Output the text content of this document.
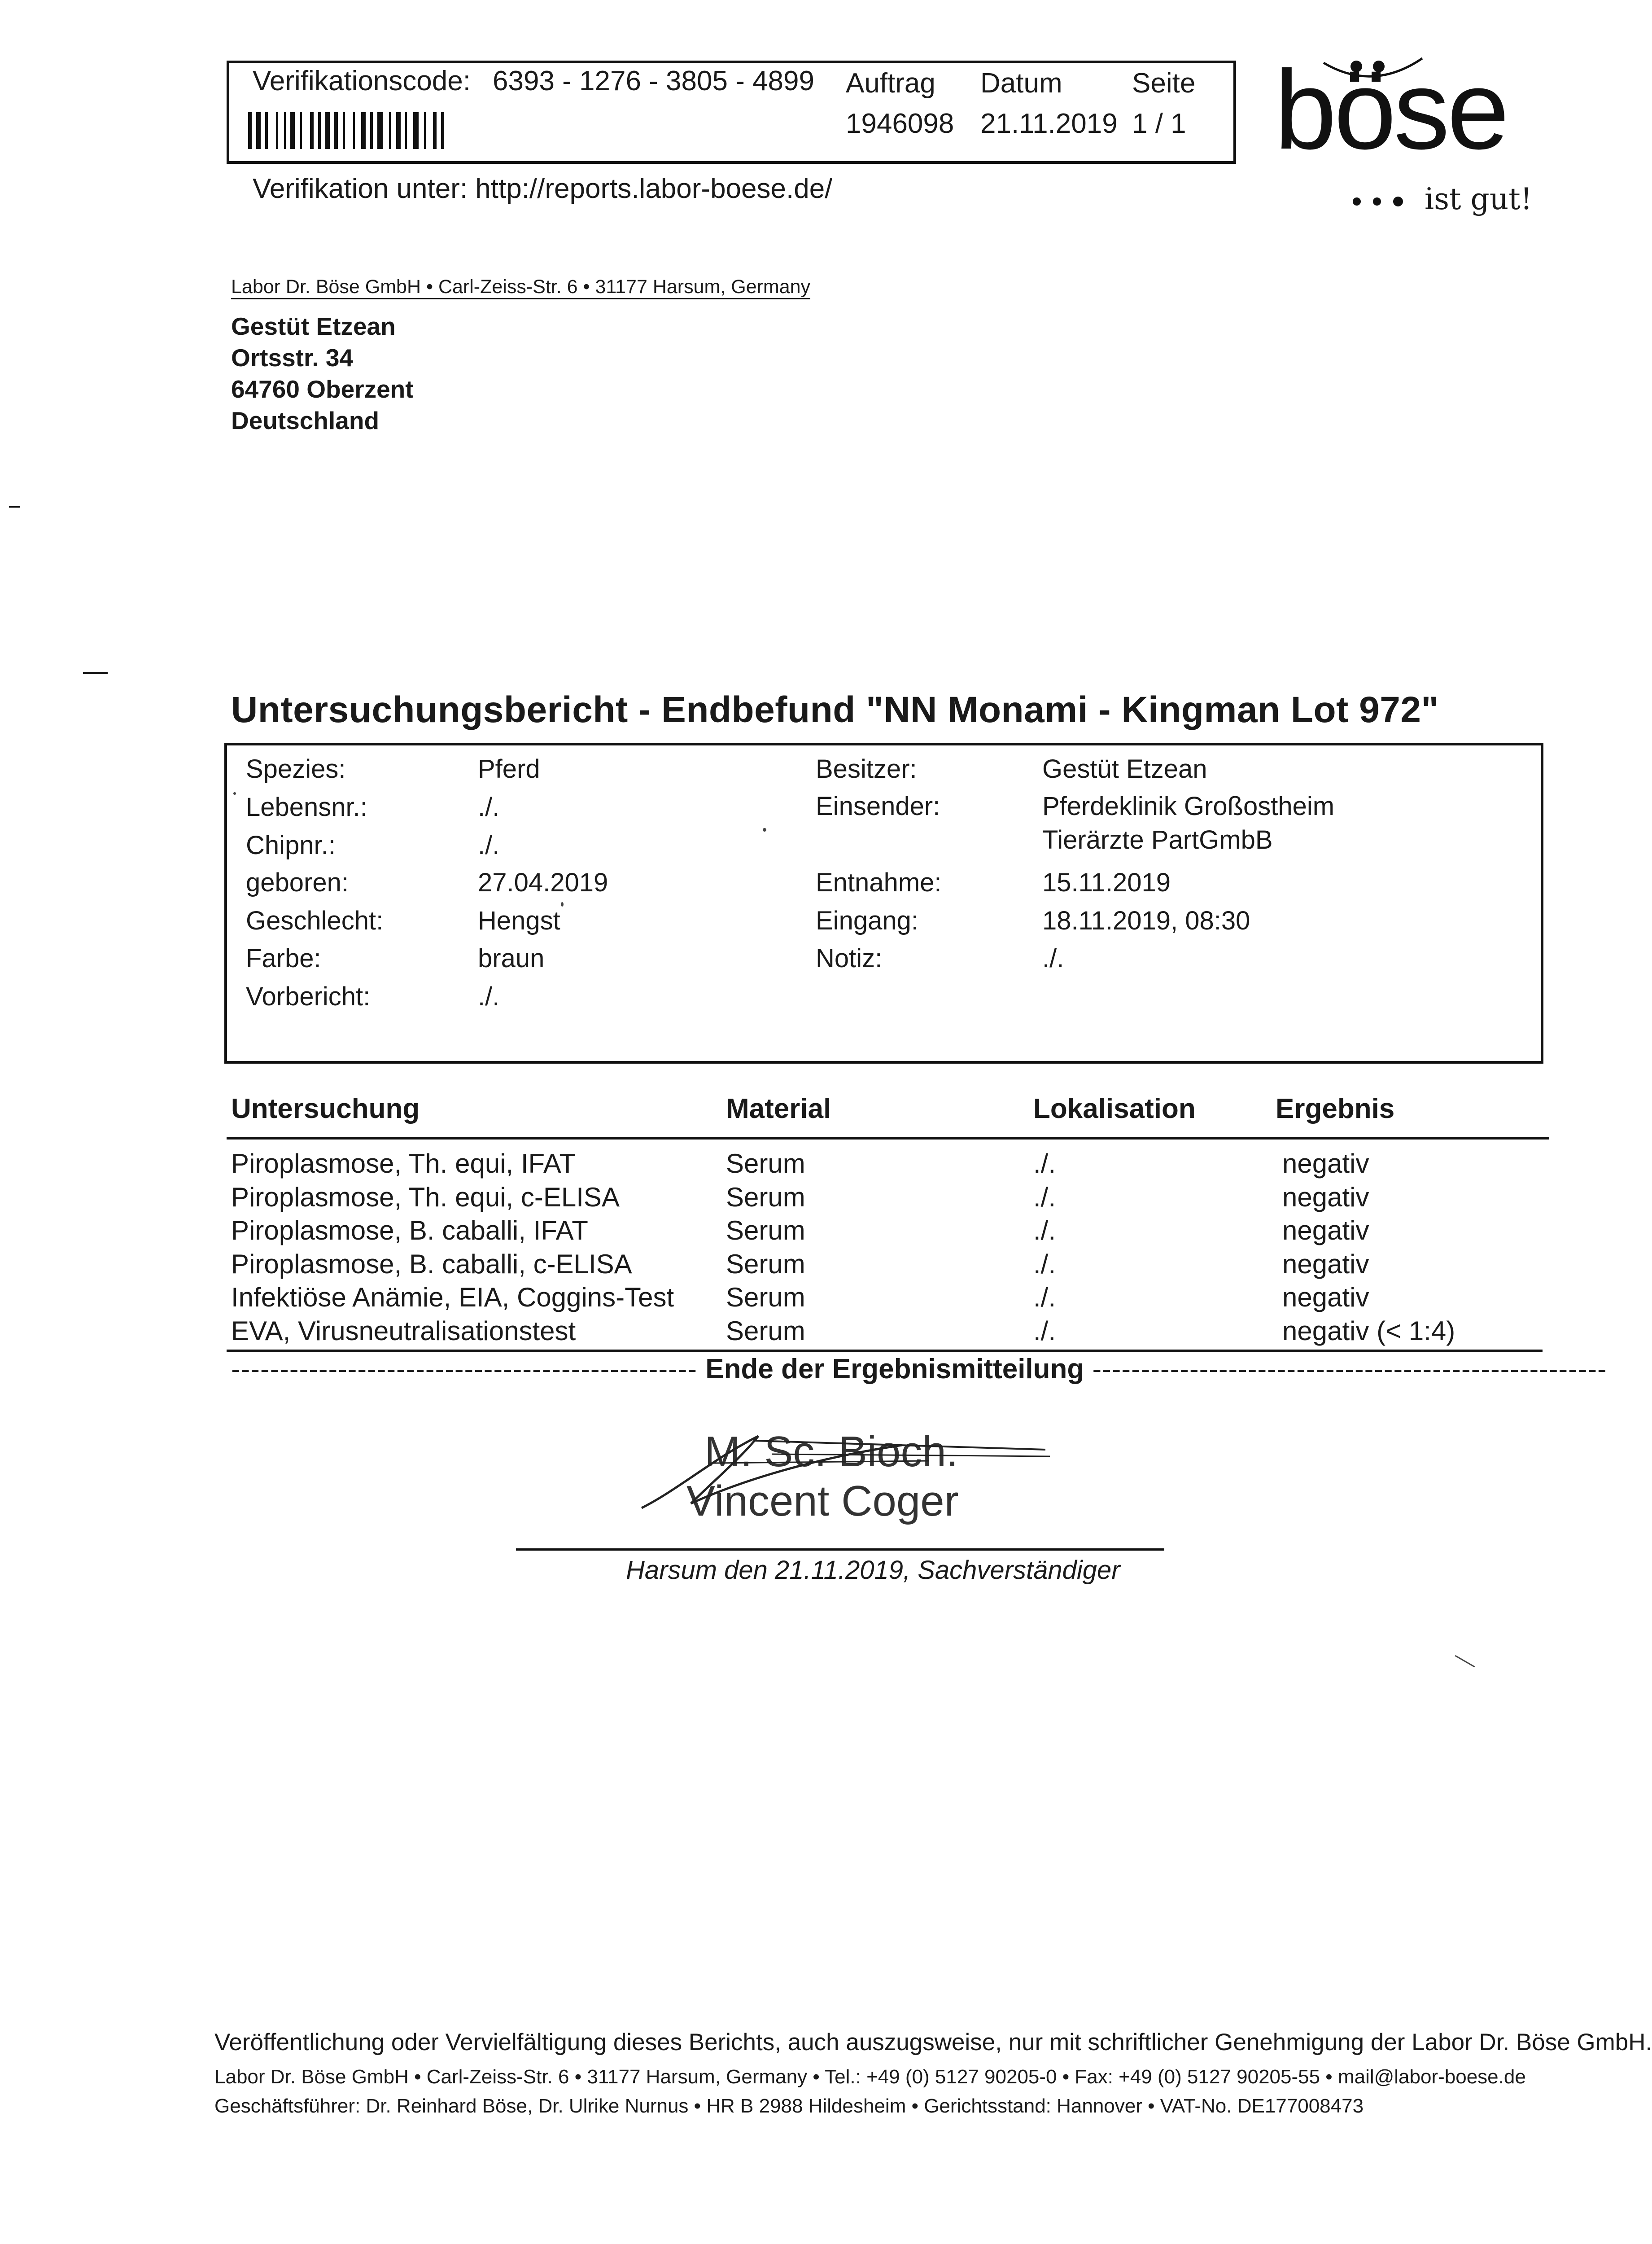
Verifikationscode: 6393 - 1276 - 3805 - 4899 Auftrag
1946098
Datum
21.11.2019
Seite
1 / 1
Verifikation unter: http://reports.labor-boese.de/
böse
ist gut!
Labor Dr. Böse GmbH • Carl-Zeiss-Str. 6 • 31177 Harsum, Germany
Gestüt Etzean
Ortsstr. 34
64760 Oberzent
Deutschland
Untersuchungsbericht - Endbefund "NN Monami - Kingman Lot 972"
Spezies:	Pferd
Lebensnr.:	./.
Chipnr.:	./.
geboren:	27.04.2019
Geschlecht:	Hengst
Farbe:	braun
Vorbericht:	./.
Besitzer:	Gestüt Etzean
Einsender:	Pferdeklinik Großostheim
Tierärzte PartGmbB
Entnahme:	15.11.2019
Eingang:	18.11.2019, 08:30
Notiz:	./.
Untersuchung	Material	Lokalisation	Ergebnis
Piroplasmose, Th. equi, IFAT	Serum	./.	negativ
Piroplasmose, Th. equi, c-ELISA	Serum	./.	negativ
Piroplasmose, B. caballi, IFAT	Serum	./.	negativ
Piroplasmose, B. caballi, c-ELISA	Serum	./.	negativ
Infektiöse Anämie, EIA, Coggins-Test Serum	./.	negativ
EVA, Virusneutralisationstest	Serum	./.	negativ (< 1:4)
------------------------------------------------ Ende der Ergebnismitteilung -----------------------------------------------------
M. Sc. Bioch.
Vincent Coger
Harsum den 21.11.2019, Sachverständiger
Veröffentlichung oder Vervielfältigung dieses Berichts, auch auszugsweise, nur mit schriftlicher Genehmigung der Labor Dr. Böse GmbH.
Labor Dr. Böse GmbH • Carl-Zeiss-Str. 6 • 31177 Harsum, Germany • Tel.: +49 (0) 5127 90205-0 • Fax: +49 (0) 5127 90205-55 • mail@labor-boese.de
Geschäftsführer: Dr. Reinhard Böse, Dr. Ulrike Nurnus • HR B 2988 Hildesheim • Gerichtsstand: Hannover • VAT-No. DE177008473
